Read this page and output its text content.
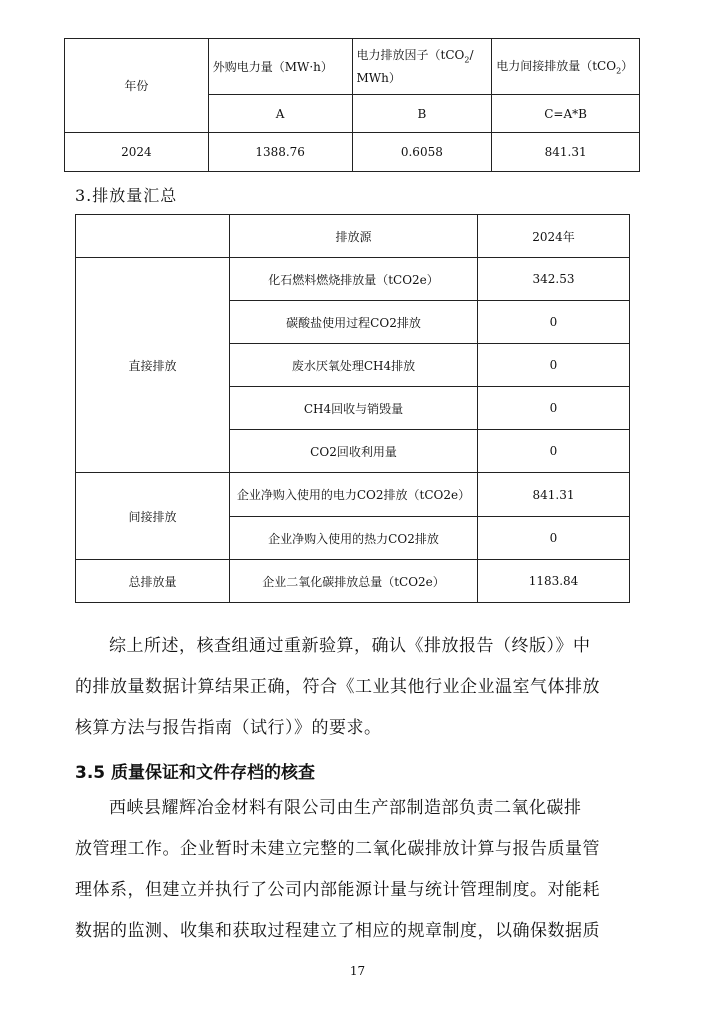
年份	外购电力量（MW·h）	电力排放因子（tCO$_2$/
MWh）	电力间接排放量（tCO$_2$）
	A	B	C=A*B
2024	1388.76	0.6058	841.31
3.排放量汇总
	排放源	2024年
直接排放	化石燃料燃烧排放量（tCO2e）	342.53
	碳酸盐使用过程CO2排放	0
	废水厌氧处理CH4排放	0
	CH4回收与销毁量	0
	CO2回收利用量	0
间接排放	企业净购入使用的电力CO2排放（tCO2e）	841.31
	企业净购入使用的热力CO2排放	0
总排放量	企业二氧化碳排放总量（tCO2e）	1183.84
综上所述，核查组通过重新验算，确认《排放报告（终版）》中
的排放量数据计算结果正确，符合《工业其他行业企业温室气体排放
核算方法与报告指南（试行）》的要求。
3.5 质量保证和文件存档的核查
西峡县耀辉冶金材料有限公司由生产部制造部负责二氧化碳排
放管理工作。企业暂时未建立完整的二氧化碳排放计算与报告质量管
理体系，但建立并执行了公司内部能源计量与统计管理制度。对能耗
数据的监测、收集和获取过程建立了相应的规章制度，以确保数据质
17
